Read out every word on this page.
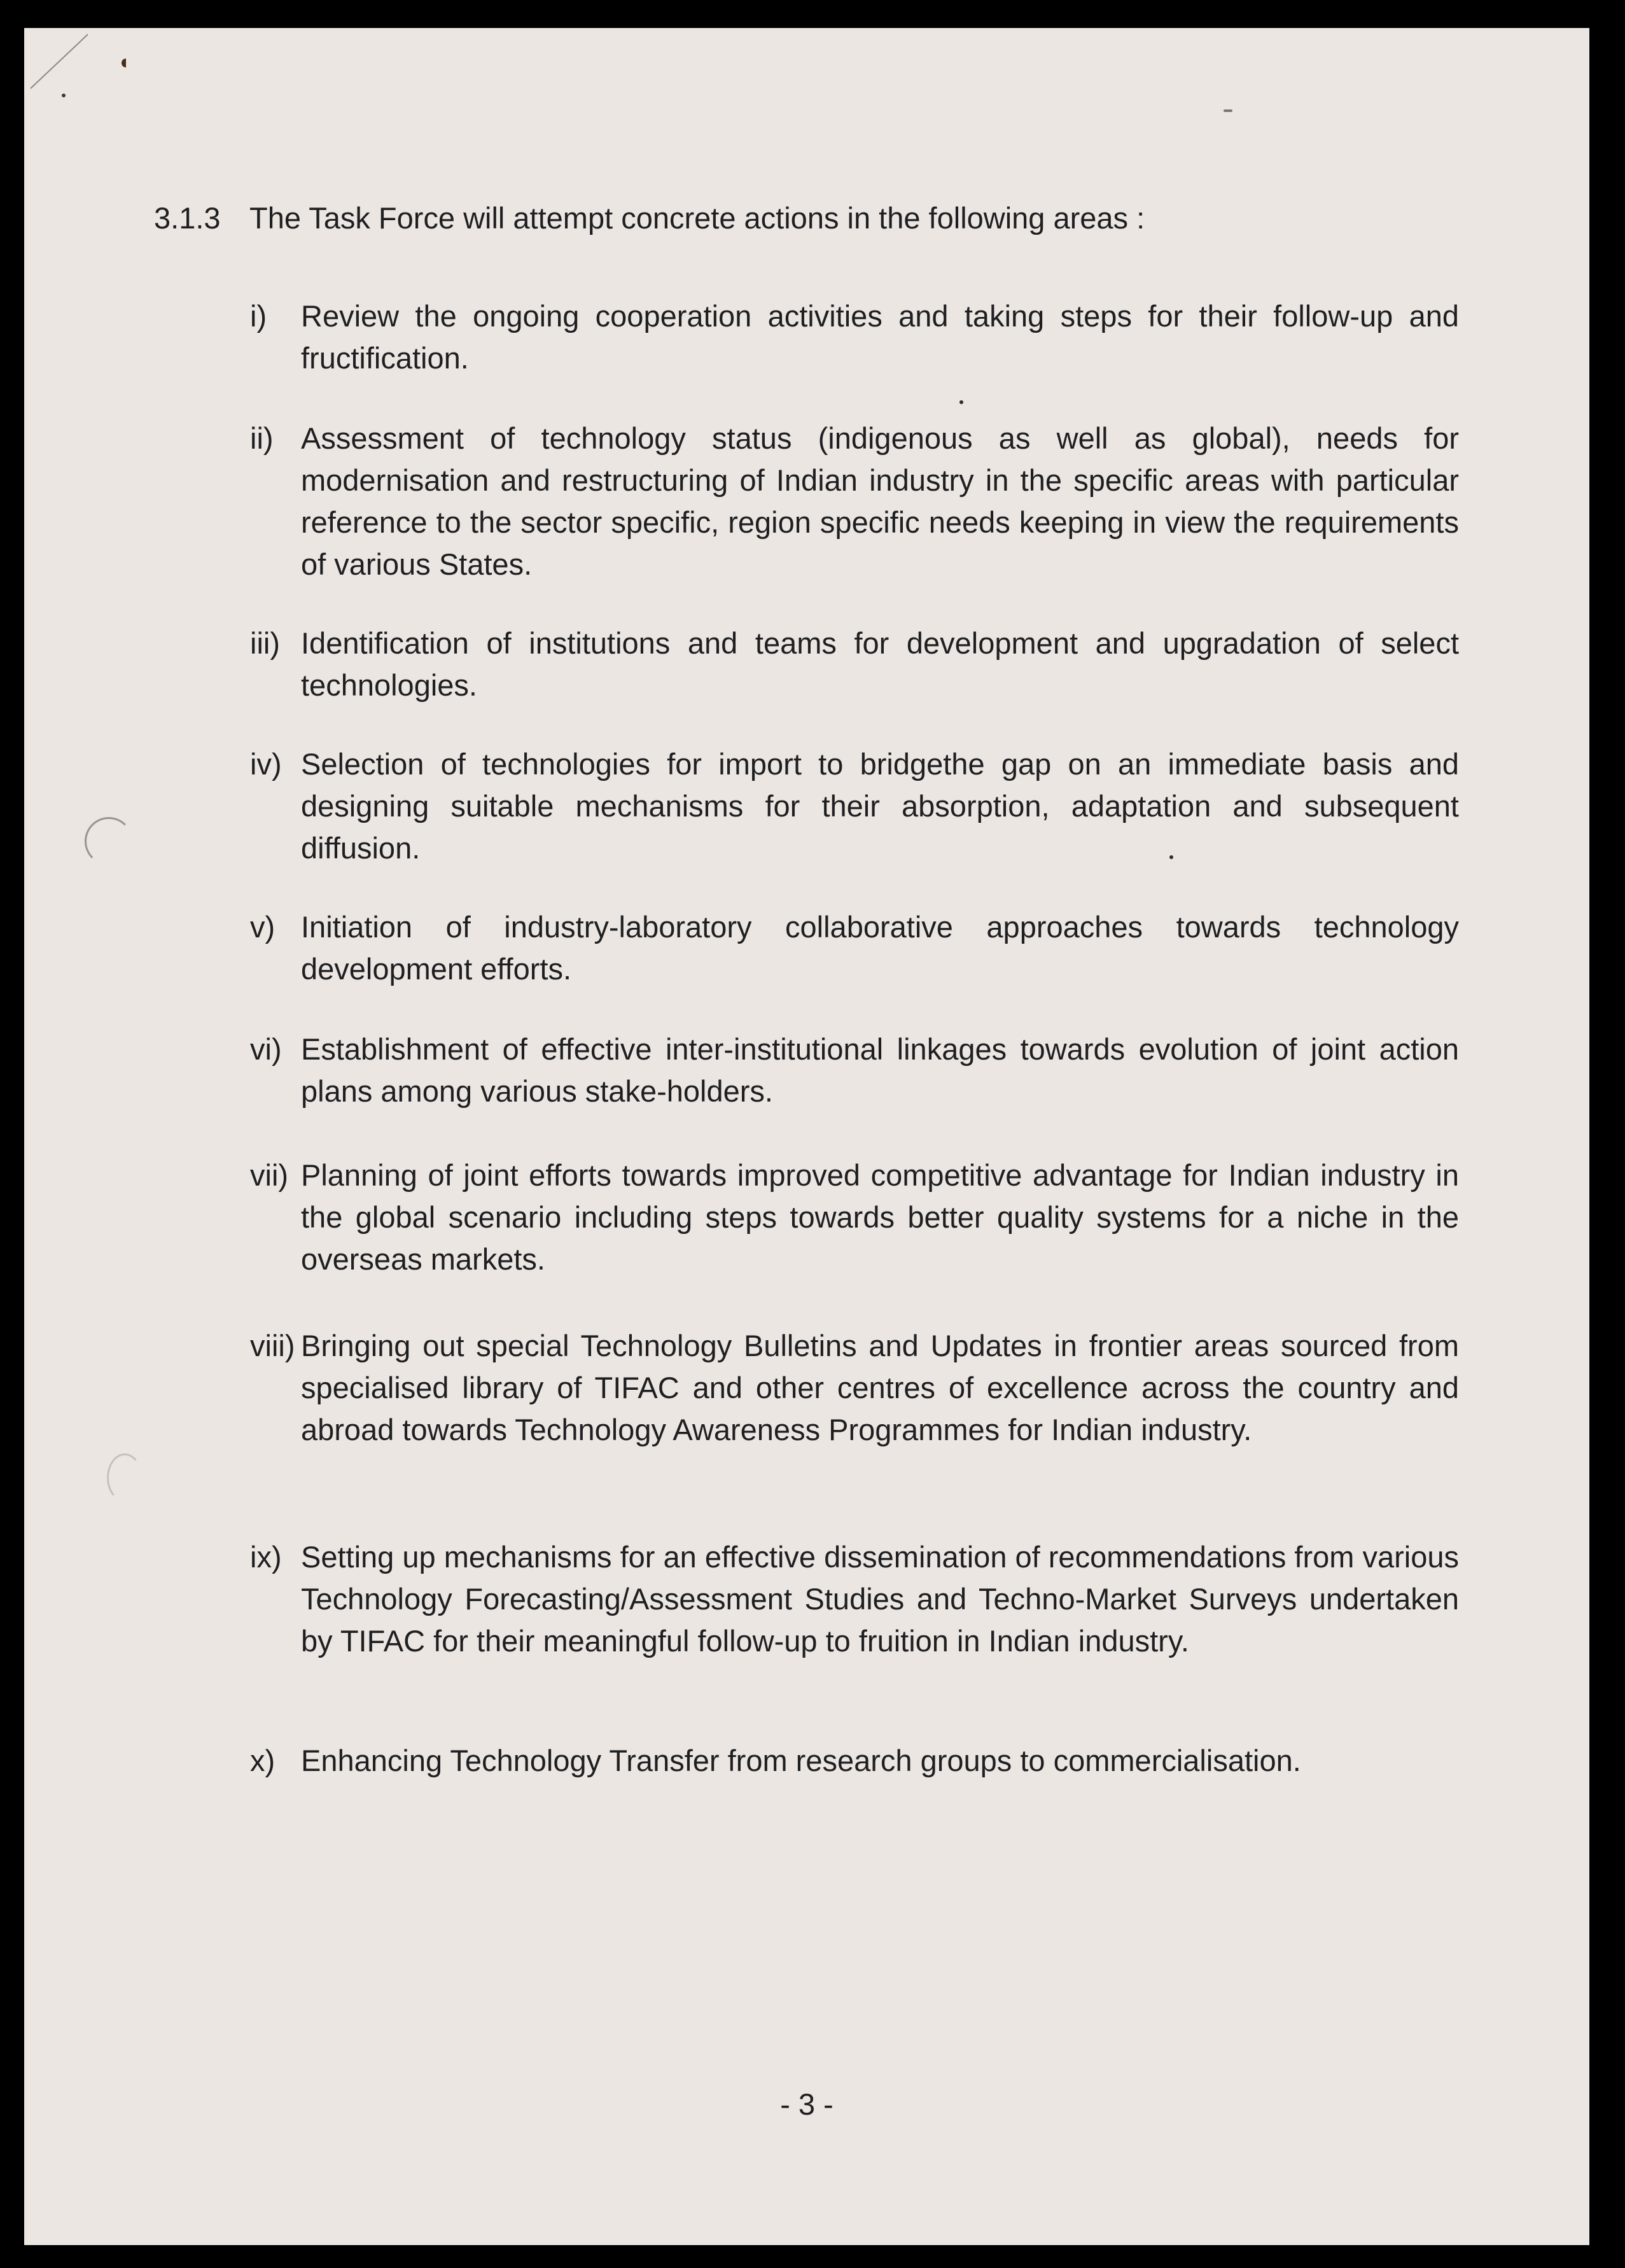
3.1.3 The Task Force will attempt concrete actions in the following areas :
i)	Review the ongoing cooperation activities and taking steps for their follow-up and fructification.
ii) Assessment of technology status (indigenous as well as global), needs for modernisation and restructuring of Indian industry in the specific areas with particular reference to the sector specific, region specific needs keeping in view the requirements of various States.
iii) Identification of institutions and teams for development and upgradation of select technologies.
iv) Selection of technologies for import to bridgethe gap on an immediate basis and designing suitable mechanisms for their absorption, adaptation and subsequent diffusion.
v) Initiation of industry-laboratory collaborative approaches towards technology development efforts.
vi) Establishment of effective inter-institutional linkages towards evolution of joint action plans among various stake-holders.
vii) Planning of joint efforts towards improved competitive advantage for Indian industry in the global scenario including steps towards better quality systems for a niche in the overseas markets.
viii) Bringing out special Technology Bulletins and Updates in frontier areas sourced from specialised library of TIFAC and other centres of excellence across the country and abroad towards Technology Awareness Programmes for Indian industry.
ix) Setting up mechanisms for an effective dissemination of recommendations from various Technology Forecasting/Assessment Studies and Techno-Market Surveys undertaken by TIFAC for their meaningful follow-up to fruition in Indian industry.
x) Enhancing Technology Transfer from research groups to commercialisation.
- 3 -
